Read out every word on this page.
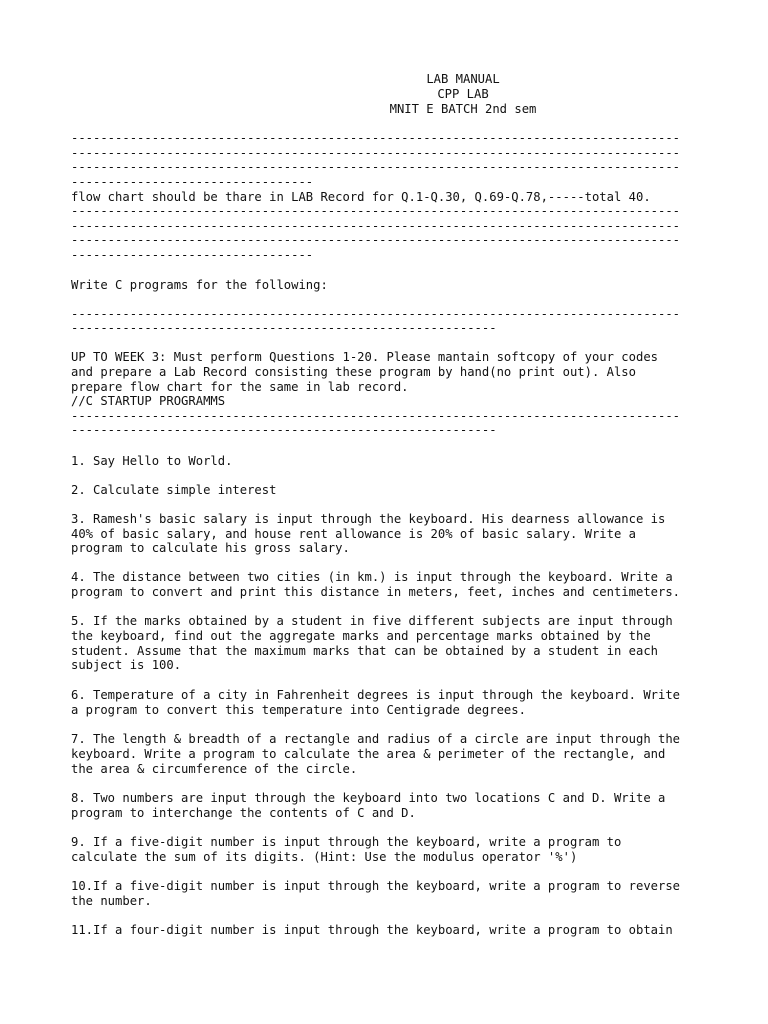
LAB MANUAL
CPP LAB
MNIT E BATCH 2nd sem
-----------------------------------------------------------------------------------
-----------------------------------------------------------------------------------
-----------------------------------------------------------------------------------
---------------------------------
flow chart should be thare in LAB Record for Q.1-Q.30, Q.69-Q.78,-----total 40.
-----------------------------------------------------------------------------------
-----------------------------------------------------------------------------------
-----------------------------------------------------------------------------------
---------------------------------
Write C programs for the following:
-----------------------------------------------------------------------------------
----------------------------------------------------------
UP TO WEEK 3: Must perform Questions 1-20. Please mantain softcopy of your codes
and prepare a Lab Record consisting these program by hand(no print out). Also
prepare flow chart for the same in lab record.
//C STARTUP PROGRAMMS
-----------------------------------------------------------------------------------
----------------------------------------------------------
1. Say Hello to World.
2. Calculate simple interest
3. Ramesh's basic salary is input through the keyboard. His dearness allowance is
40% of basic salary, and house rent allowance is 20% of basic salary. Write a
program to calculate his gross salary.
4. The distance between two cities (in km.) is input through the keyboard. Write a
program to convert and print this distance in meters, feet, inches and centimeters.
5. If the marks obtained by a student in five different subjects are input through
the keyboard, find out the aggregate marks and percentage marks obtained by the
student. Assume that the maximum marks that can be obtained by a student in each
subject is 100.
6. Temperature of a city in Fahrenheit degrees is input through the keyboard. Write
a program to convert this temperature into Centigrade degrees.
7. The length & breadth of a rectangle and radius of a circle are input through the
keyboard. Write a program to calculate the area & perimeter of the rectangle, and
the area & circumference of the circle.
8. Two numbers are input through the keyboard into two locations C and D. Write a
program to interchange the contents of C and D.
9. If a five-digit number is input through the keyboard, write a program to
calculate the sum of its digits. (Hint: Use the modulus operator '%')
10.If a five-digit number is input through the keyboard, write a program to reverse
the number.
11.If a four-digit number is input through the keyboard, write a program to obtain
